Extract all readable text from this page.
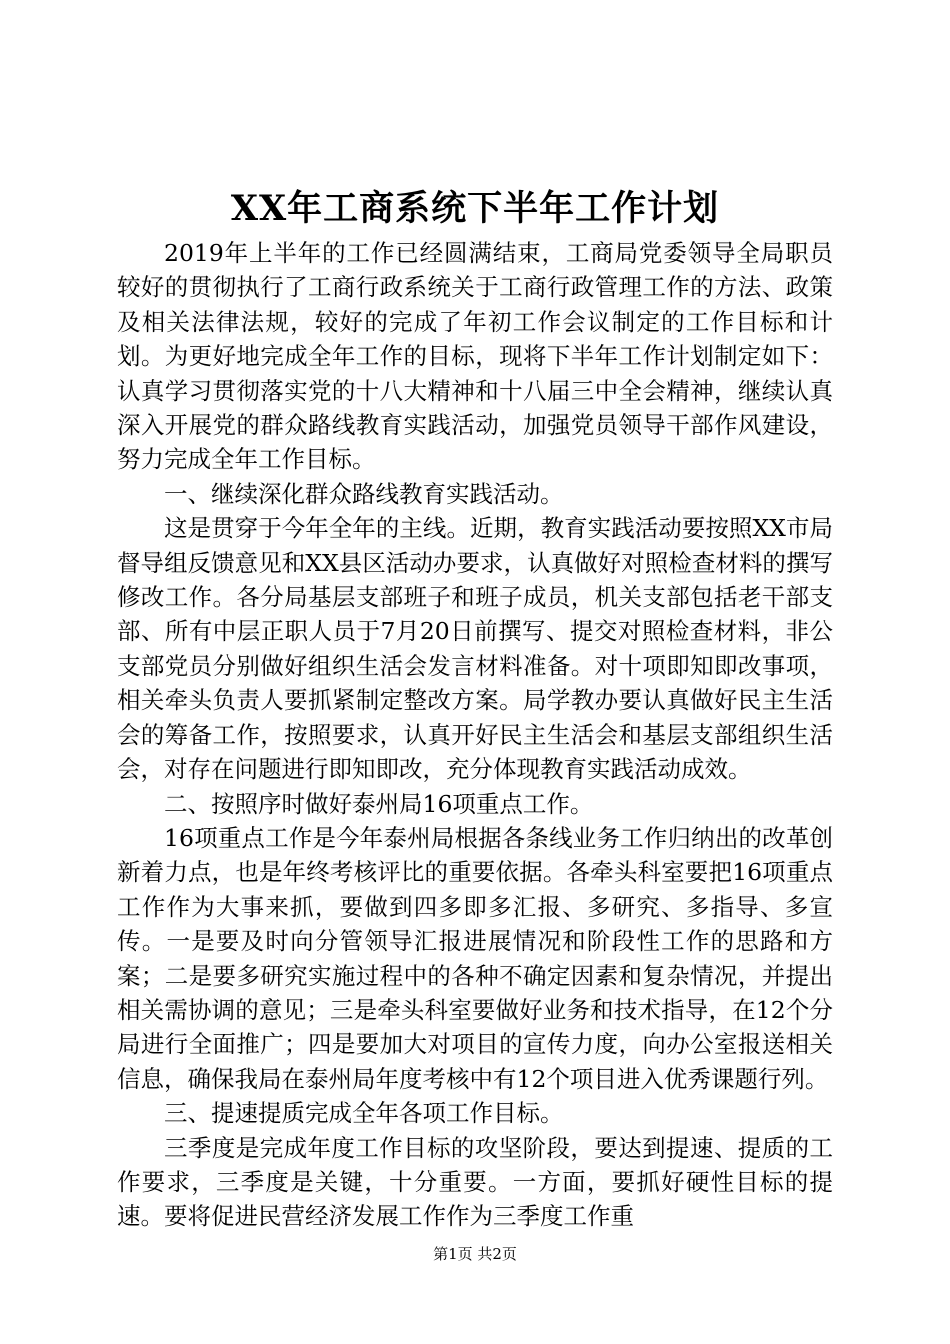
XX年工商系统下半年工作计划

2019年上半年的工作已经圆满结束，工商局党委领导全局职员较好的贯彻执行了工商行政系统关于工商行政管理工作的方法、政策及相关法律法规，较好的完成了年初工作会议制定的工作目标和计划。为更好地完成全年工作的目标，现将下半年工作计划制定如下：认真学习贯彻落实党的十八大精神和十八届三中全会精神，继续认真深入开展党的群众路线教育实践活动，加强党员领导干部作风建设，努力完成全年工作目标。

一、继续深化群众路线教育实践活动。

这是贯穿于今年全年的主线。近期，教育实践活动要按照XX市局督导组反馈意见和XX县区活动办要求，认真做好对照检查材料的撰写修改工作。各分局基层支部班子和班子成员，机关支部包括老干部支部、所有中层正职人员于7月20日前撰写、提交对照检查材料，非公支部党员分别做好组织生活会发言材料准备。对十项即知即改事项，相关牵头负责人要抓紧制定整改方案。局学教办要认真做好民主生活会的筹备工作，按照要求，认真开好民主生活会和基层支部组织生活会，对存在问题进行即知即改，充分体现教育实践活动成效。

二、按照序时做好泰州局16项重点工作。

16项重点工作是今年泰州局根据各条线业务工作归纳出的改革创新着力点，也是年终考核评比的重要依据。各牵头科室要把16项重点工作作为大事来抓，要做到四多即多汇报、多研究、多指导、多宣传。一是要及时向分管领导汇报进展情况和阶段性工作的思路和方案；二是要多研究实施过程中的各种不确定因素和复杂情况，并提出相关需协调的意见；三是牵头科室要做好业务和技术指导，在12个分局进行全面推广；四是要加大对项目的宣传力度，向办公室报送相关信息，确保我局在泰州局年度考核中有12个项目进入优秀课题行列。

三、提速提质完成全年各项工作目标。

三季度是完成年度工作目标的攻坚阶段，要达到提速、提质的工作要求，三季度是关键，十分重要。一方面，要抓好硬性目标的提速。要将促进民营经济发展工作作为三季度工作重

第1页 共2页
